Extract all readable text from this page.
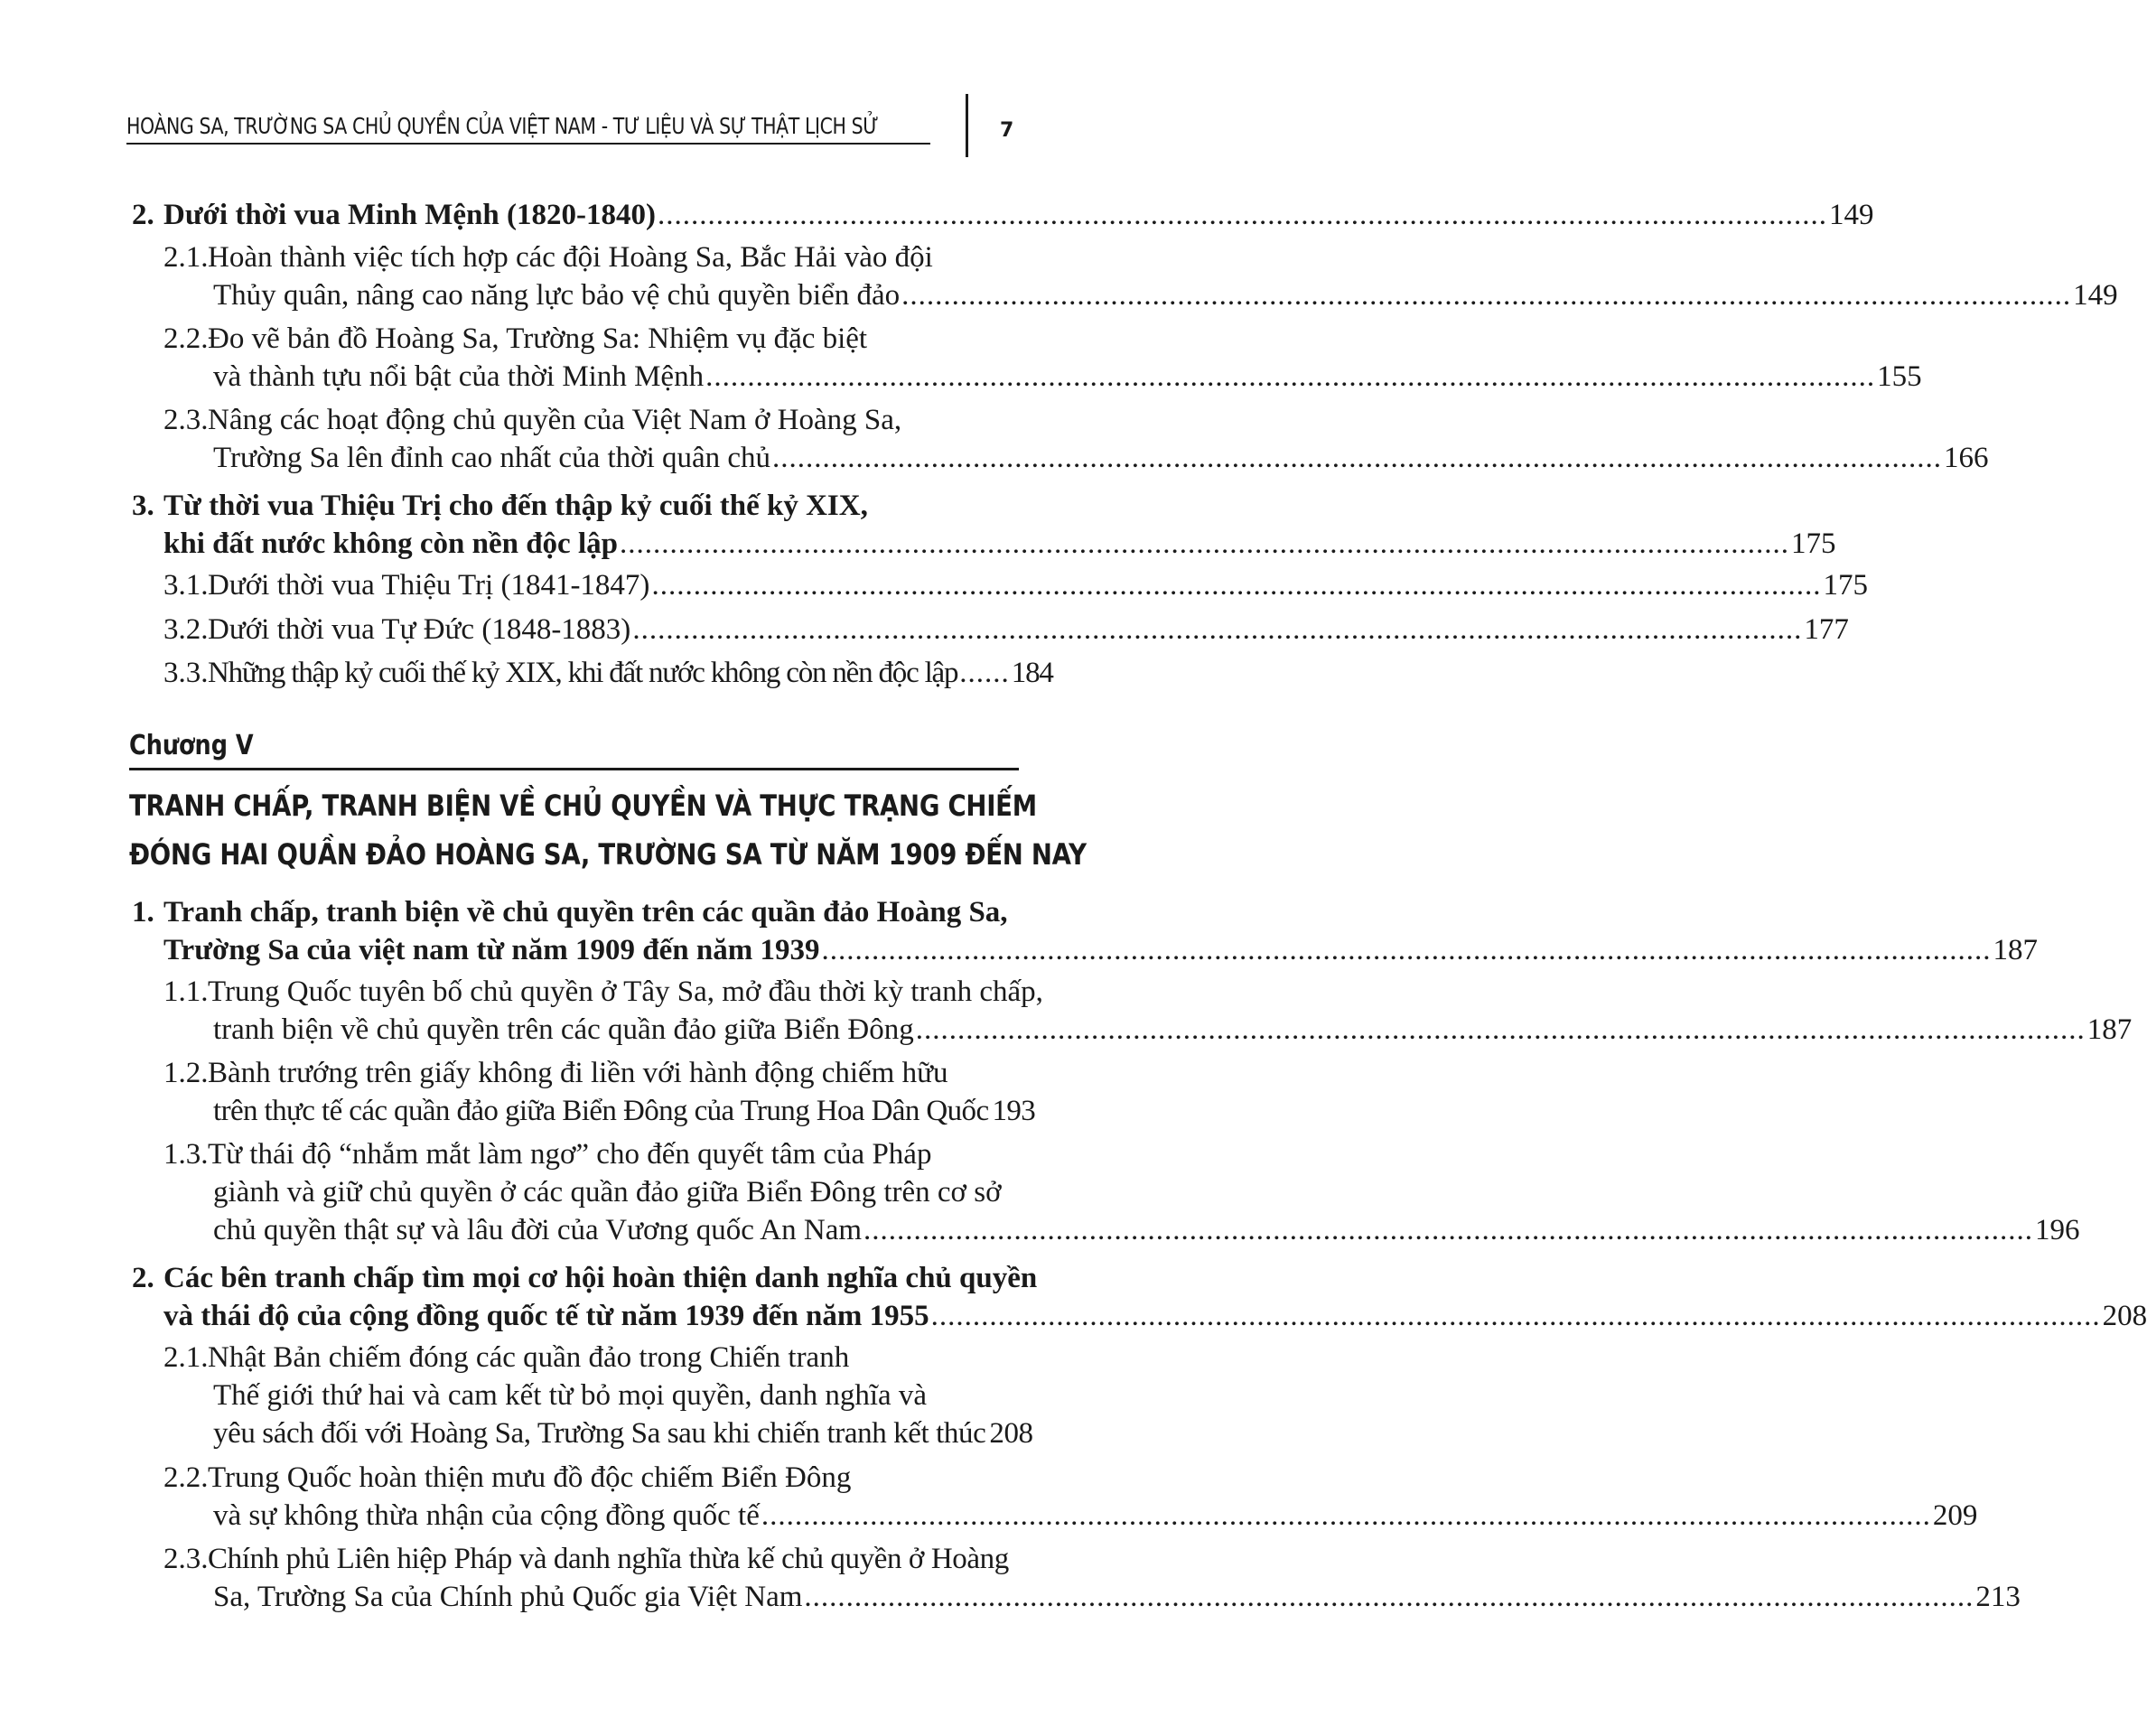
HOÀNG SA, TRƯỜNG SA CHỦ QUYỀN CỦA VIỆT NAM - TƯ LIỆU VÀ SỰ THẬT LỊCH SỬ	7
2. Dưới thời vua Minh Mệnh (1820-1840) ............................................................................................................................................ 149
2.1. Hoàn thành việc tích hợp các đội Hoàng Sa, Bắc Hải vào đội
Thủy quân, nâng cao năng lực bảo vệ chủ quyền biển đảo ............................................................................................................................................ 149
2.2. Đo vẽ bản đồ Hoàng Sa, Trường Sa: Nhiệm vụ đặc biệt
và thành tựu nổi bật của thời Minh Mệnh ............................................................................................................................................ 155
2.3. Nâng các hoạt động chủ quyền của Việt Nam ở Hoàng Sa,
Trường Sa lên đỉnh cao nhất của thời quân chủ ............................................................................................................................................ 166
3. Từ thời vua Thiệu Trị cho đến thập kỷ cuối thế kỷ XIX,
khi đất nước không còn nền độc lập ............................................................................................................................................ 175
3.1. Dưới thời vua Thiệu Trị (1841-1847) ............................................................................................................................................ 175
3.2. Dưới thời vua Tự Đức (1848-1883) ............................................................................................................................................ 177
3.3. Những thập kỷ cuối thế kỷ XIX, khi đất nước không còn nền độc lập ...... 184
Chương V
TRANH CHẤP, TRANH BIỆN VỀ CHỦ QUYỀN VÀ THỰC TRẠNG CHIẾM
ĐÓNG HAI QUẦN ĐẢO HOÀNG SA, TRƯỜNG SA TỪ NĂM 1909 ĐẾN NAY
1. Tranh chấp, tranh biện về chủ quyền trên các quần đảo Hoàng Sa,
Trường Sa của việt nam từ năm 1909 đến năm 1939 ............................................................................................................................................ 187
1.1. Trung Quốc tuyên bố chủ quyền ở Tây Sa, mở đầu thời kỳ tranh chấp,
tranh biện về chủ quyền trên các quần đảo giữa Biển Đông ............................................................................................................................................ 187
1.2. Bành trướng trên giấy không đi liền với hành động chiếm hữu
trên thực tế các quần đảo giữa Biển Đông của Trung Hoa Dân Quốc 193
1.3. Từ thái độ “nhắm mắt làm ngơ” cho đến quyết tâm của Pháp
giành và giữ chủ quyền ở các quần đảo giữa Biển Đông trên cơ sở
chủ quyền thật sự và lâu đời của Vương quốc An Nam ............................................................................................................................................ 196
2. Các bên tranh chấp tìm mọi cơ hội hoàn thiện danh nghĩa chủ quyền
và thái độ của cộng đồng quốc tế từ năm 1939 đến năm 1955 ............................................................................................................................................ 208
2.1. Nhật Bản chiếm đóng các quần đảo trong Chiến tranh
Thế giới thứ hai và cam kết từ bỏ mọi quyền, danh nghĩa và
yêu sách đối với Hoàng Sa, Trường Sa sau khi chiến tranh kết thúc 208
2.2. Trung Quốc hoàn thiện mưu đồ độc chiếm Biển Đông
và sự không thừa nhận của cộng đồng quốc tế ............................................................................................................................................ 209
2.3. Chính phủ Liên hiệp Pháp và danh nghĩa thừa kế chủ quyền ở Hoàng
Sa, Trường Sa của Chính phủ Quốc gia Việt Nam ............................................................................................................................................ 213
